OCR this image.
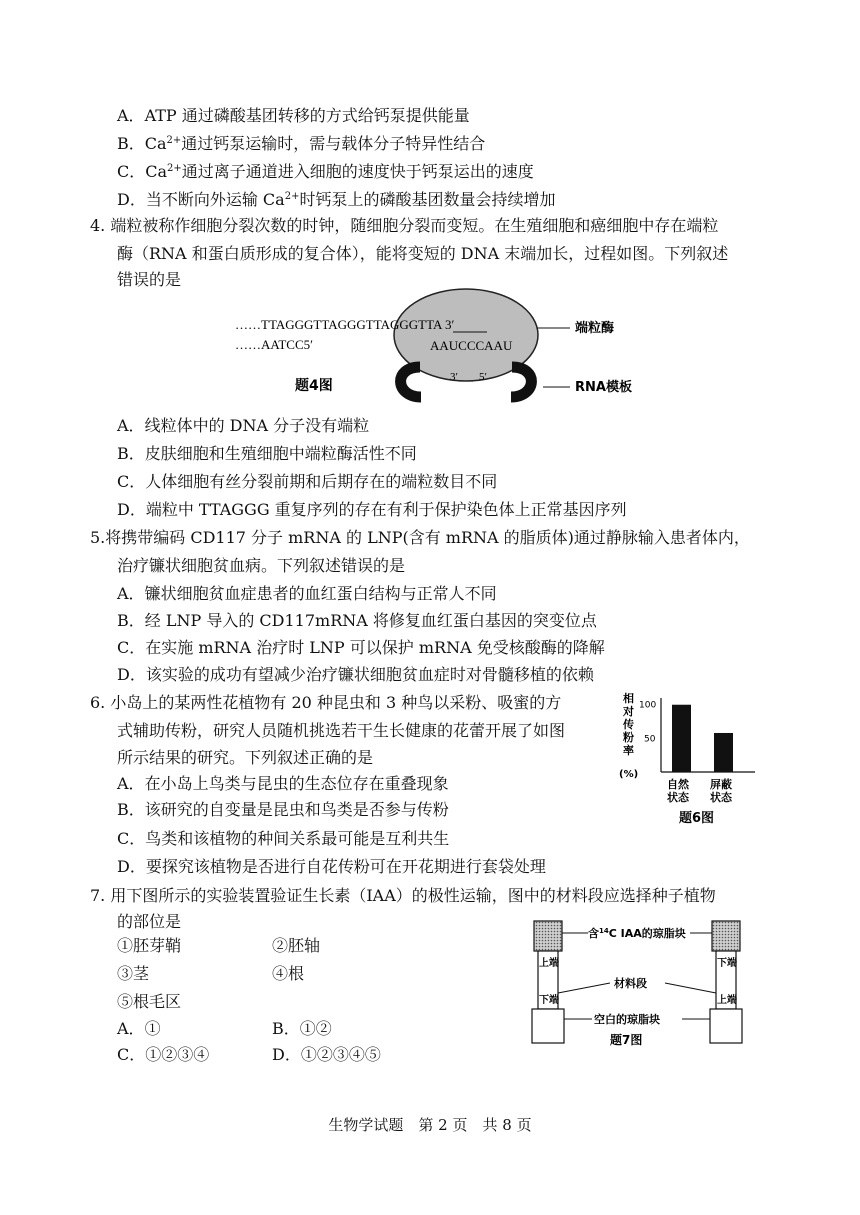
A．ATP 通过磷酸基团转移的方式给钙泵提供能量
B．$Ca^{2+}$通过钙泵运输时，需与载体分子特异性结合
C．$Ca^{2+}$通过离子通道进入细胞的速度快于钙泵运出的速度
D．当不断向外运输 $Ca^{2+}$时钙泵上的磷酸基团数量会持续增加
4. 端粒被称作细胞分裂次数的时钟，随细胞分裂而变短。在生殖细胞和癌细胞中存在端粒
酶（RNA 和蛋白质形成的复合体），能将变短的 DNA 末端加长，过程如图。下列叙述
错误的是
……TTAGGGTTAGGGTTAGGGTTA 3′
……AATCC5′	AAUCCCAAU
3′ 5′
端粒酶
RNA模板
题4图
A．线粒体中的 DNA 分子没有端粒
B．皮肤细胞和生殖细胞中端粒酶活性不同
C．人体细胞有丝分裂前期和后期存在的端粒数目不同
D．端粒中 TTAGGG 重复序列的存在有利于保护染色体上正常基因序列
5.将携带编码 CD117 分子 mRNA 的 LNP(含有 mRNA 的脂质体)通过静脉输入患者体内，
治疗镰状细胞贫血病。下列叙述错误的是
A．镰状细胞贫血症患者的血红蛋白结构与正常人不同
B．经 LNP 导入的 CD117mRNA 将修复血红蛋白基因的突变位点
C．在实施 mRNA 治疗时 LNP 可以保护 mRNA 免受核酸酶的降解
D．该实验的成功有望减少治疗镰状细胞贫血症时对骨髓移植的依赖
6. 小岛上的某两性花植物有 20 种昆虫和 3 种鸟以采粉、吸蜜的方
式辅助传粉，研究人员随机挑选若干生长健康的花蕾开展了如图
所示结果的研究。下列叙述正确的是
A．在小岛上鸟类与昆虫的生态位存在重叠现象
B．该研究的自变量是昆虫和鸟类是否参与传粉
C．鸟类和该植物的种间关系最可能是互利共生
D．要探究该植物是否进行自花传粉可在开花期进行套袋处理
相
对
传
粉
率
(%)
100
50
自然
状态
屏蔽
状态
题6图
7. 用下图所示的实验装置验证生长素（IAA）的极性运输，图中的材料段应选择种子植物
的部位是
①胚芽鞘	②胚轴
③茎	④根
⑤根毛区
A．①	B．①②
C．①②③④	D．①②③④⑤
上端
下端
下端
上端
含$^{14}$C IAA的琼脂块
材料段
空白的琼脂块
题7图
生物学试题　第 2 页　共 8 页
